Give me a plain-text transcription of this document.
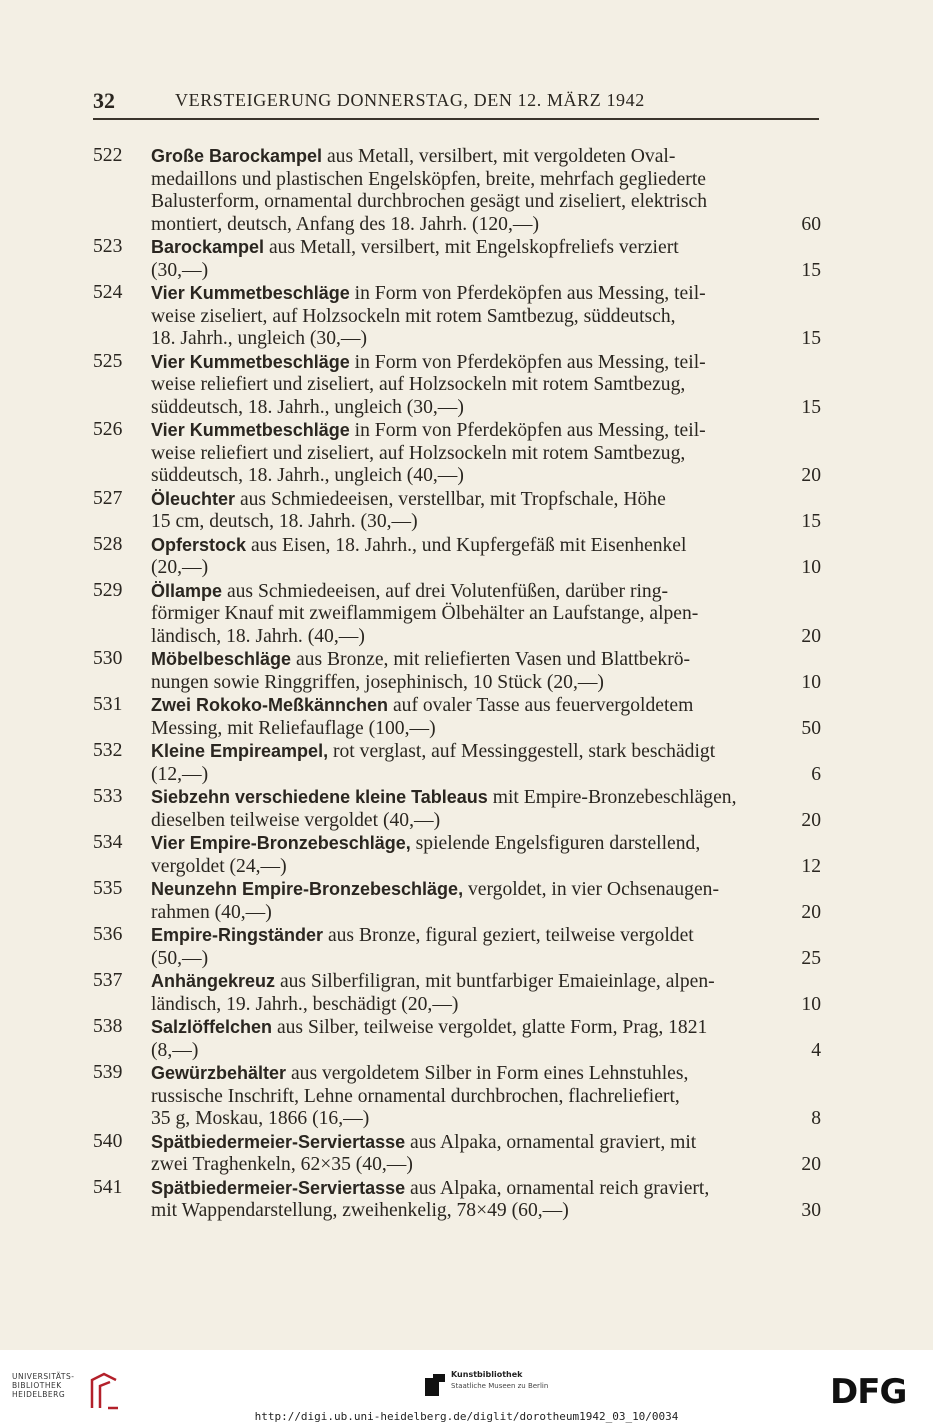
32	VERSTEIGERUNG DONNERSTAG, DEN 12. MÄRZ 1942
522 Große Barockampel aus Metall, versilbert, mit vergoldeten Oval-
medaillons und plastischen Engelsköpfen, breite, mehrfach gegliederte
Balusterform, ornamental durchbrochen gesägt und ziseliert, elektrisch
montiert, deutsch, Anfang des 18. Jahrh. (120,—)	60
523 Barockampel aus Metall, versilbert, mit Engelskopfreliefs verziert
(30,—)	15
524 Vier Kummetbeschläge in Form von Pferdeköpfen aus Messing, teil-
weise ziseliert, auf Holzsockeln mit rotem Samtbezug, süddeutsch,
18. Jahrh., ungleich (30,—)	15
525 Vier Kummetbeschläge in Form von Pferdeköpfen aus Messing, teil-
weise reliefiert und ziseliert, auf Holzsockeln mit rotem Samtbezug,
süddeutsch, 18. Jahrh., ungleich (30,—)	15
526 Vier Kummetbeschläge in Form von Pferdeköpfen aus Messing, teil-
weise reliefiert und ziseliert, auf Holzsockeln mit rotem Samtbezug,
süddeutsch, 18. Jahrh., ungleich (40,—)	20
527 Öleuchter aus Schmiedeeisen, verstellbar, mit Tropfschale, Höhe
15 cm, deutsch, 18. Jahrh. (30,—)	15
528 Opferstock aus Eisen, 18. Jahrh., und Kupfergefäß mit Eisenhenkel
(20,—)	10
529 Öllampe aus Schmiedeeisen, auf drei Volutenfüßen, darüber ring-
förmiger Knauf mit zweiflammigem Ölbehälter an Laufstange, alpen-
ländisch, 18. Jahrh. (40,—)	20
530 Möbelbeschläge aus Bronze, mit reliefierten Vasen und Blattbekrö-
nungen sowie Ringgriffen, josephinisch, 10 Stück (20,—)	10
531 Zwei Rokoko-Meßkännchen auf ovaler Tasse aus feuervergoldetem
Messing, mit Reliefauflage (100,—)	50
532 Kleine Empireampel, rot verglast, auf Messinggestell, stark beschädigt
(12,—)	6
533 Siebzehn verschiedene kleine Tableaus mit Empire-Bronzebeschlägen,
dieselben teilweise vergoldet (40,—)	20
534 Vier Empire-Bronzebeschläge, spielende Engelsfiguren darstellend,
vergoldet (24,—)	12
535 Neunzehn Empire-Bronzebeschläge, vergoldet, in vier Ochsenaugen-
rahmen (40,—)	20
536 Empire-Ringständer aus Bronze, figural geziert, teilweise vergoldet
(50,—)	25
537 Anhängekreuz aus Silberfiligran, mit buntfarbiger Emaieinlage, alpen-
ländisch, 19. Jahrh., beschädigt (20,—)	10
538 Salzlöffelchen aus Silber, teilweise vergoldet, glatte Form, Prag, 1821
(8,—)	4
539 Gewürzbehälter aus vergoldetem Silber in Form eines Lehnstuhles,
russische Inschrift, Lehne ornamental durchbrochen, flachreliefiert,
35 g, Moskau, 1866 (16,—)	8
540 Spätbiedermeier-Serviertasse aus Alpaka, ornamental graviert, mit
zwei Traghenkeln, 62×35 (40,—)	20
541 Spätbiedermeier-Serviertasse aus Alpaka, ornamental reich graviert,
mit Wappendarstellung, zweihenkelig, 78×49 (60,—)	30
UNIVERSITÄTS-
BIBLIOTHEK
HEIDELBERG
Kunstbibliothek
Staatliche Museen zu Berlin	DFG
http://digi.ub.uni-heidelberg.de/diglit/dorotheum1942_03_10/0034
